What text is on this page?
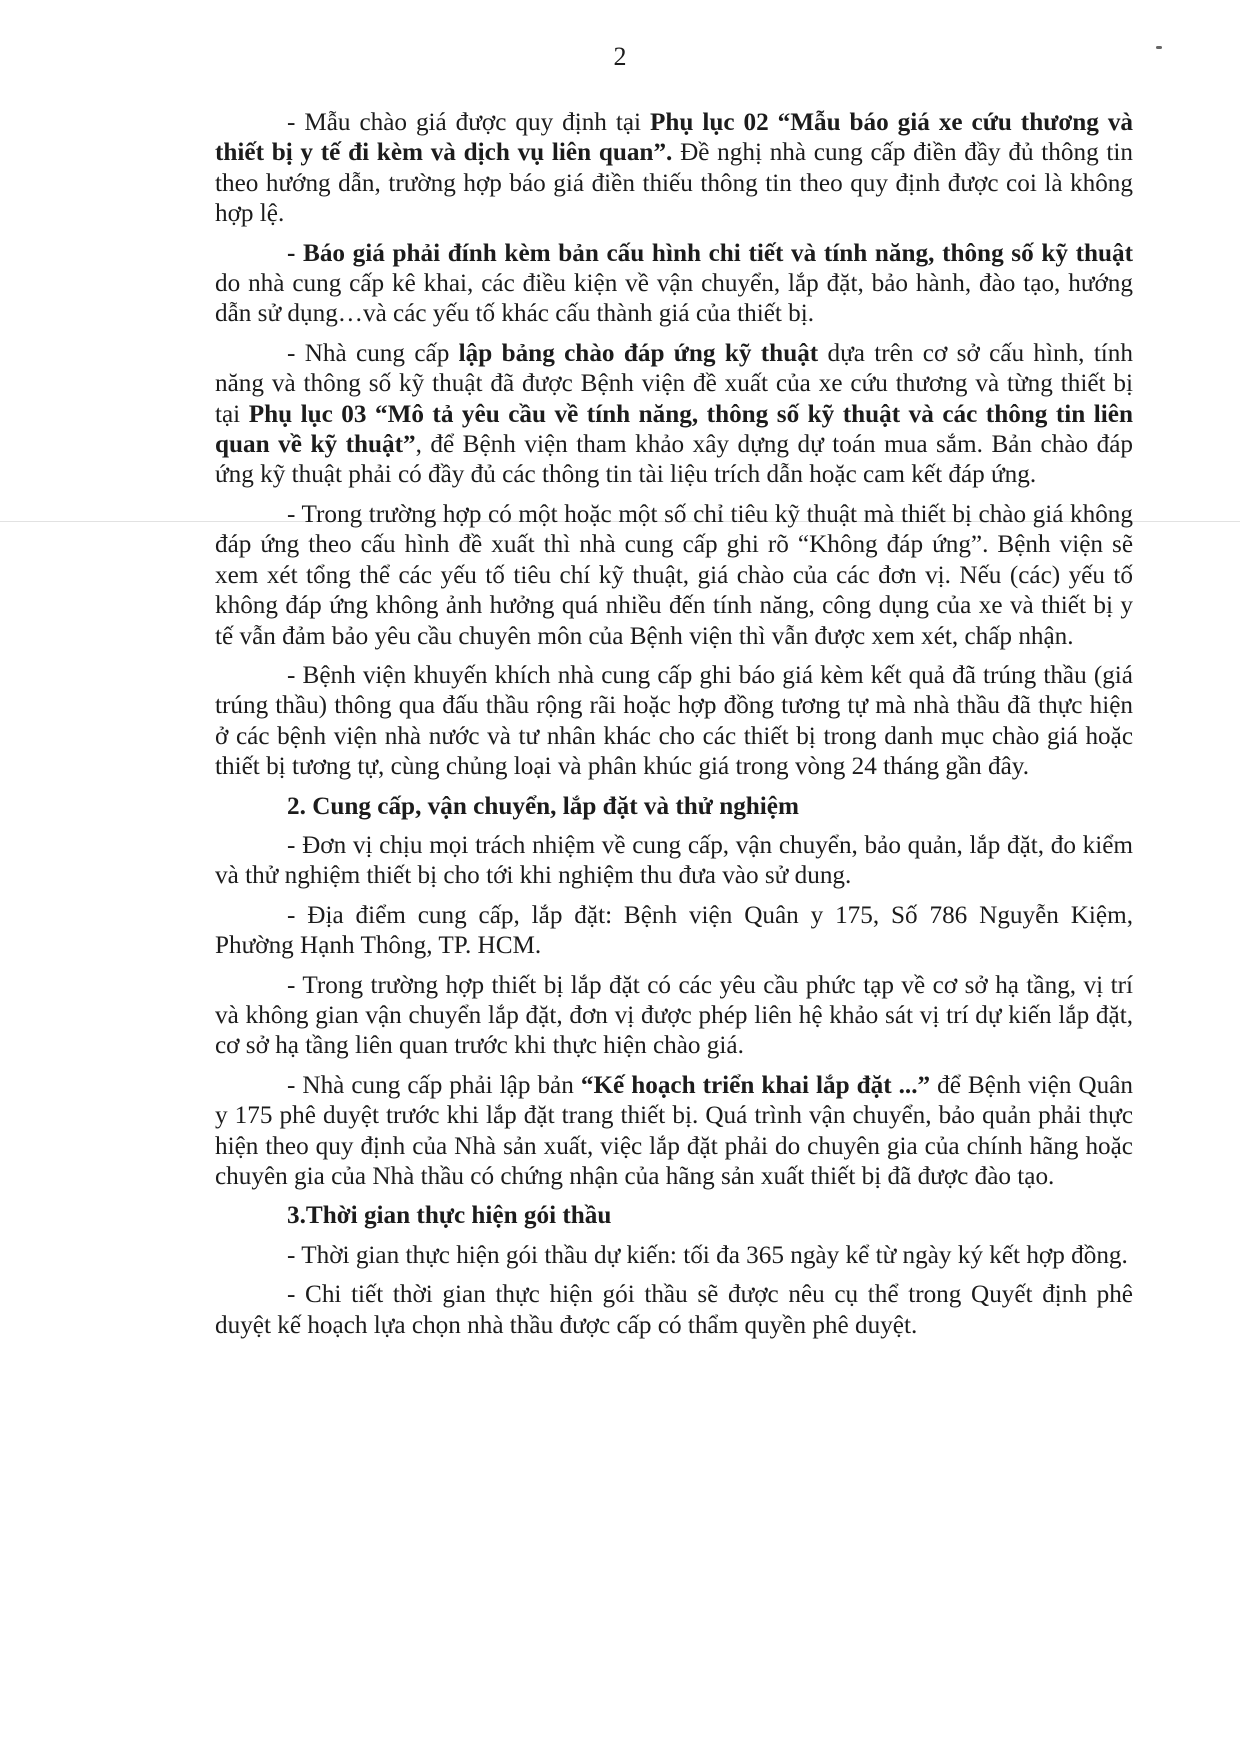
2

- Mẫu chào giá được quy định tại Phụ lục 02 “Mẫu báo giá xe cứu thương và thiết bị y tế đi kèm và dịch vụ liên quan”. Đề nghị nhà cung cấp điền đầy đủ thông tin theo hướng dẫn, trường hợp báo giá điền thiếu thông tin theo quy định được coi là không hợp lệ.

- Báo giá phải đính kèm bản cấu hình chi tiết và tính năng, thông số kỹ thuật do nhà cung cấp kê khai, các điều kiện về vận chuyển, lắp đặt, bảo hành, đào tạo, hướng dẫn sử dụng…và các yếu tố khác cấu thành giá của thiết bị.

- Nhà cung cấp lập bảng chào đáp ứng kỹ thuật dựa trên cơ sở cấu hình, tính năng và thông số kỹ thuật đã được Bệnh viện đề xuất của xe cứu thương và từng thiết bị tại Phụ lục 03 “Mô tả yêu cầu về tính năng, thông số kỹ thuật và các thông tin liên quan về kỹ thuật”, để Bệnh viện tham khảo xây dựng dự toán mua sắm. Bản chào đáp ứng kỹ thuật phải có đầy đủ các thông tin tài liệu trích dẫn hoặc cam kết đáp ứng.

- Trong trường hợp có một hoặc một số chỉ tiêu kỹ thuật mà thiết bị chào giá không đáp ứng theo cấu hình đề xuất thì nhà cung cấp ghi rõ “Không đáp ứng”. Bệnh viện sẽ xem xét tổng thể các yếu tố tiêu chí kỹ thuật, giá chào của các đơn vị. Nếu (các) yếu tố không đáp ứng không ảnh hưởng quá nhiều đến tính năng, công dụng của xe và thiết bị y tế vẫn đảm bảo yêu cầu chuyên môn của Bệnh viện thì vẫn được xem xét, chấp nhận.

- Bệnh viện khuyến khích nhà cung cấp ghi báo giá kèm kết quả đã trúng thầu (giá trúng thầu) thông qua đấu thầu rộng rãi hoặc hợp đồng tương tự mà nhà thầu đã thực hiện ở các bệnh viện nhà nước và tư nhân khác cho các thiết bị trong danh mục chào giá hoặc thiết bị tương tự, cùng chủng loại và phân khúc giá trong vòng 24 tháng gần đây.

2. Cung cấp, vận chuyển, lắp đặt và thử nghiệm

- Đơn vị chịu mọi trách nhiệm về cung cấp, vận chuyển, bảo quản, lắp đặt, đo kiểm và thử nghiệm thiết bị cho tới khi nghiệm thu đưa vào sử dung.

- Địa điểm cung cấp, lắp đặt: Bệnh viện Quân y 175, Số 786 Nguyễn Kiệm, Phường Hạnh Thông, TP. HCM.

- Trong trường hợp thiết bị lắp đặt có các yêu cầu phức tạp về cơ sở hạ tầng, vị trí và không gian vận chuyển lắp đặt, đơn vị được phép liên hệ khảo sát vị trí dự kiến lắp đặt, cơ sở hạ tầng liên quan trước khi thực hiện chào giá.

- Nhà cung cấp phải lập bản “Kế hoạch triển khai lắp đặt ...” để Bệnh viện Quân y 175 phê duyệt trước khi lắp đặt trang thiết bị. Quá trình vận chuyển, bảo quản phải thực hiện theo quy định của Nhà sản xuất, việc lắp đặt phải do chuyên gia của chính hãng hoặc chuyên gia của Nhà thầu có chứng nhận của hãng sản xuất thiết bị đã được đào tạo.

3.Thời gian thực hiện gói thầu

- Thời gian thực hiện gói thầu dự kiến: tối đa 365 ngày kể từ ngày ký kết hợp đồng.

- Chi tiết thời gian thực hiện gói thầu sẽ được nêu cụ thể trong Quyết định phê duyệt kế hoạch lựa chọn nhà thầu được cấp có thẩm quyền phê duyệt.
